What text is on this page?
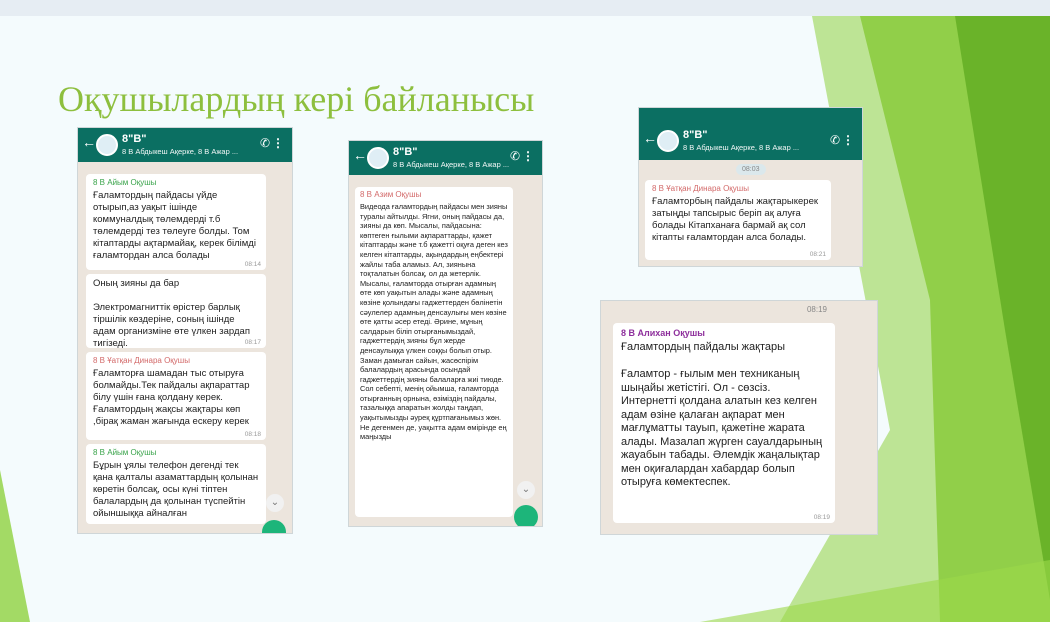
Оқушылардың кері байланысы
← 8"В"
8 В Абдыкеш Ақерке, 8 В Ажар ...
✆ ⋮
8 В Айым Оқушы
Ғаламтордың пайдасы үйде отырып,аз уақыт ішінде коммуналдық төлемдерді т.б төлемдерді тез төлеуге болды. Том кітаптарды ақтармайақ, керек білімді ғаламтордан алса болады
08:14
Оның зияны да бар

Электромагниттік өрістер барлық тіршілік көздеріне, соның ішінде адам организміне өте үлкен зардап тигізеді.	08:17
8 В Ұатқан Динара Оқушы
Ғаламторға шамадан тыс отыруға болмайды.Тек пайдалы ақпараттар білу үшін ғана қолдану керек. Ғаламтордың жақсы жақтары көп ,бірақ жаман жағында ескеру керек
08:18
8 В Айым Оқушы
Бұрын ұялы телефон дегенді тек қана қалталы азаматтардың қолынан көретін болсақ, осы күні тіптен балалардың да қолынан түспейтін ойыншыққа айналған
⌄
← 8"В"
8 В Абдыкеш Ақерке, 8 В Ажар ...
✆ ⋮
8 В Азим Оқушы
Видеода ғаламтордың пайдасы мен зияны туралы айтылды. Ягни, оның пайдасы да, зияны да көп. Мысалы, пайдасына: көптеген ғылыми ақпараттарды, қажет кітаптарды және т.б қажетті оқуға деген кез келген кітаптарды, ақындардың еңбектері жайлы таба аламыз. Ал, зиянына тоқталатын болсақ, ол да жетерлік. Мысалы, ғаламторда отырған адамның өте көп уақытын алады және адамның көзіне қолындағы гаджеттерден бөлінетін сәулелер адамның денсаулығы мен көзіне өте қатты әсер етеді. Әрине, мұның салдарын біліп отырғанымыздай, гаджеттердің зияны бұл жерде денсаулыққа үлкен соққы болып отыр. Заман дамыған сайын, жасөспірім балалардың арасында осындай гаджеттердің зияны балаларға жиі тиюде. Сол себепті, менің ойымша, ғаламторда отырғанның орнына, өзіміздің пайдалы, тазалыққа апаратын жолды таңдап, уақытымызды әуреқ құртпағанымыз жөн. Не дегенмен де, уақытта адам өмірінде ең маңызды
⌄
← 8"В"
8 В Абдыкеш Ақерке, 8 В Ажар ...
✆ ⋮
08:03
8 В Ұатқан Динара Оқушы
Ғаламторбың пайдалы жақтарыкерек затыңды тапсырыс беріп ақ алуға болады Кітапханаға бармай ақ сол кітапты ғаламтордан алса болады.
08:21
08:19
8 В Алихан Оқушы
Ғаламтордың пайдалы жақтары

Ғаламтор - ғылым мен техниканың шыңайы жетістігі. Ол - сөзсіз. Интернетті қолдана алатын кез келген адам өзіне қалаған ақпарат мен мағлұматты тауып, қажетіне жарата алады. Мазалап жүрген сауалдарының жауабын табады. Әлемдік жаңалықтар мен оқиғалардан хабардар болып отыруға көмектеспек.
08:19
